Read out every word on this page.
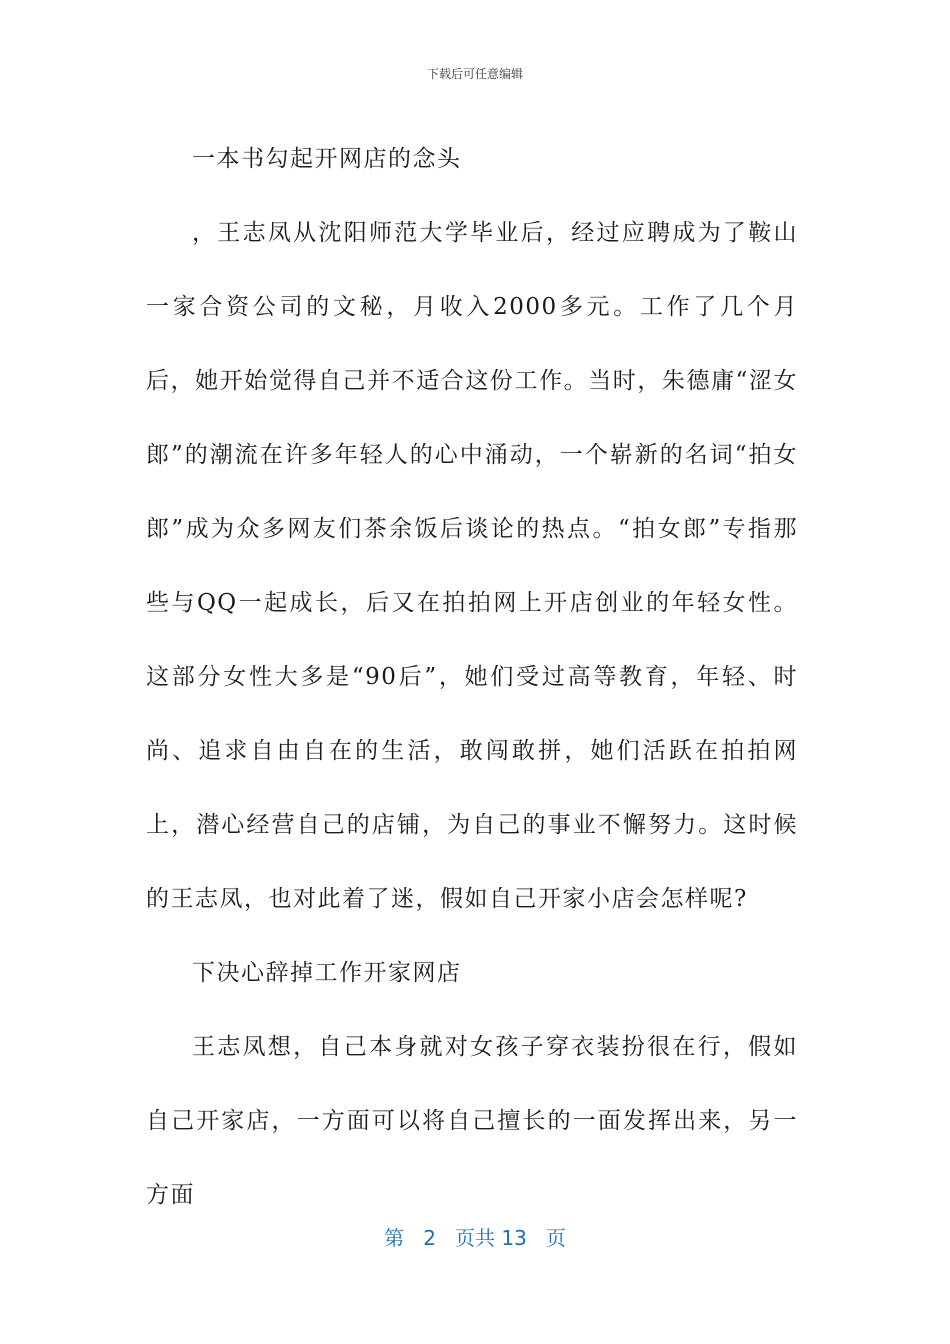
下载后可任意编辑

一本书勾起开网店的念头

，王志凤从沈阳师范大学毕业后，经过应聘成为了鞍山一家合资公司的文秘，月收入2000多元。工作了几个月后，她开始觉得自己并不适合这份工作。当时，朱德庸“涩女郎”的潮流在许多年轻人的心中涌动，一个崭新的名词“拍女郎”成为众多网友们茶余饭后谈论的热点。“拍女郎”专指那些与QQ一起成长，后又在拍拍网上开店创业的年轻女性。这部分女性大多是“90后”，她们受过高等教育，年轻、时尚、追求自由自在的生活，敢闯敢拼，她们活跃在拍拍网上，潜心经营自己的店铺，为自己的事业不懈努力。这时候的王志凤，也对此着了迷，假如自己开家小店会怎样呢?

下决心辞掉工作开家网店

王志凤想，自己本身就对女孩子穿衣装扮很在行，假如自己开家店，一方面可以将自己擅长的一面发挥出来，另一方面

第 2 页共 13 页
